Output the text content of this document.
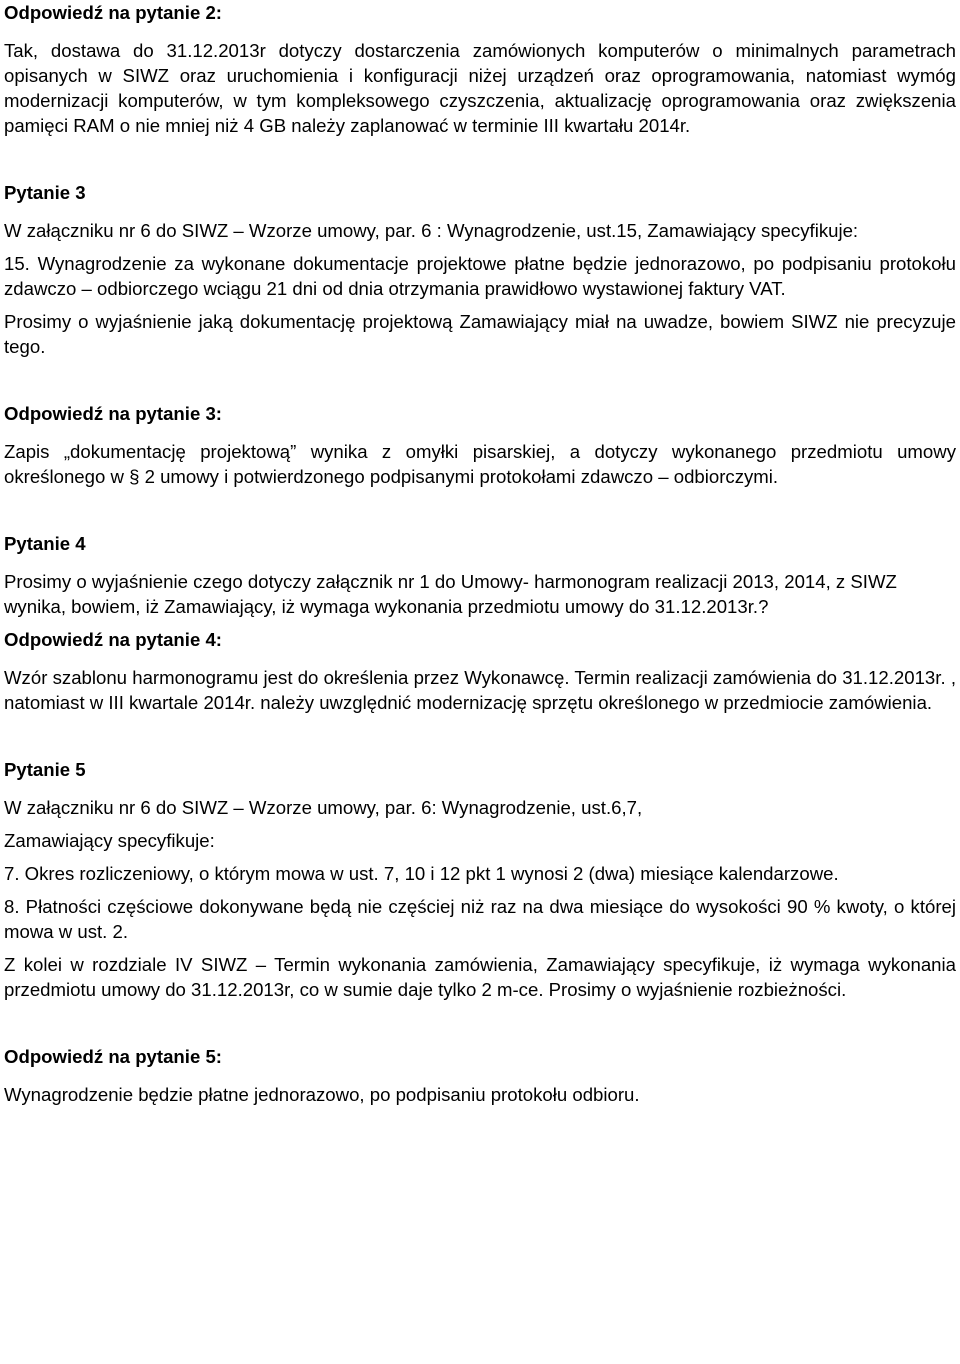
Odpowiedź na pytanie 2:

Tak, dostawa do 31.12.2013r dotyczy dostarczenia zamówionych komputerów o minimalnych parametrach opisanych w SIWZ oraz uruchomienia i konfiguracji niżej urządzeń oraz oprogramowania, natomiast wymóg modernizacji komputerów, w tym kompleksowego czyszczenia, aktualizację oprogramowania oraz zwiększenia pamięci RAM o nie mniej niż 4 GB należy zaplanować w terminie III kwartału 2014r.

Pytanie 3

W załączniku nr 6 do SIWZ – Wzorze umowy, par. 6 : Wynagrodzenie, ust.15, Zamawiający specyfikuje:

15. Wynagrodzenie za wykonane dokumentacje projektowe płatne będzie jednorazowo, po podpisaniu protokołu zdawczo – odbiorczego wciągu 21 dni od dnia otrzymania prawidłowo wystawionej faktury VAT.

Prosimy o wyjaśnienie jaką dokumentację projektową Zamawiający miał na uwadze, bowiem SIWZ nie precyzuje tego.

Odpowiedź na pytanie 3:

Zapis „dokumentację projektową” wynika z omyłki pisarskiej, a dotyczy wykonanego przedmiotu umowy określonego w § 2 umowy i potwierdzonego podpisanymi protokołami zdawczo – odbiorczymi.

Pytanie 4

Prosimy o wyjaśnienie czego dotyczy załącznik nr 1 do Umowy- harmonogram realizacji 2013, 2014, z SIWZ wynika, bowiem, iż Zamawiający, iż wymaga wykonania przedmiotu umowy do 31.12.2013r.?

Odpowiedź na pytanie 4:

Wzór szablonu harmonogramu jest do określenia przez Wykonawcę. Termin realizacji zamówienia do 31.12.2013r. , natomiast w III kwartale 2014r. należy uwzględnić modernizację sprzętu określonego w przedmiocie zamówienia.

Pytanie 5

W załączniku nr 6 do SIWZ – Wzorze umowy, par. 6: Wynagrodzenie, ust.6,7,

Zamawiający specyfikuje:

7. Okres rozliczeniowy, o którym mowa w ust. 7, 10 i 12 pkt 1 wynosi 2 (dwa) miesiące kalendarzowe.

8. Płatności częściowe dokonywane będą nie częściej niż raz na dwa miesiące do wysokości 90 % kwoty, o której mowa w ust. 2.

Z kolei w rozdziale IV SIWZ – Termin wykonania zamówienia, Zamawiający specyfikuje, iż wymaga wykonania przedmiotu umowy do 31.12.2013r, co w sumie daje tylko 2 m-ce. Prosimy o wyjaśnienie rozbieżności.

Odpowiedź na pytanie 5:

Wynagrodzenie będzie płatne jednorazowo, po podpisaniu protokołu odbioru.
